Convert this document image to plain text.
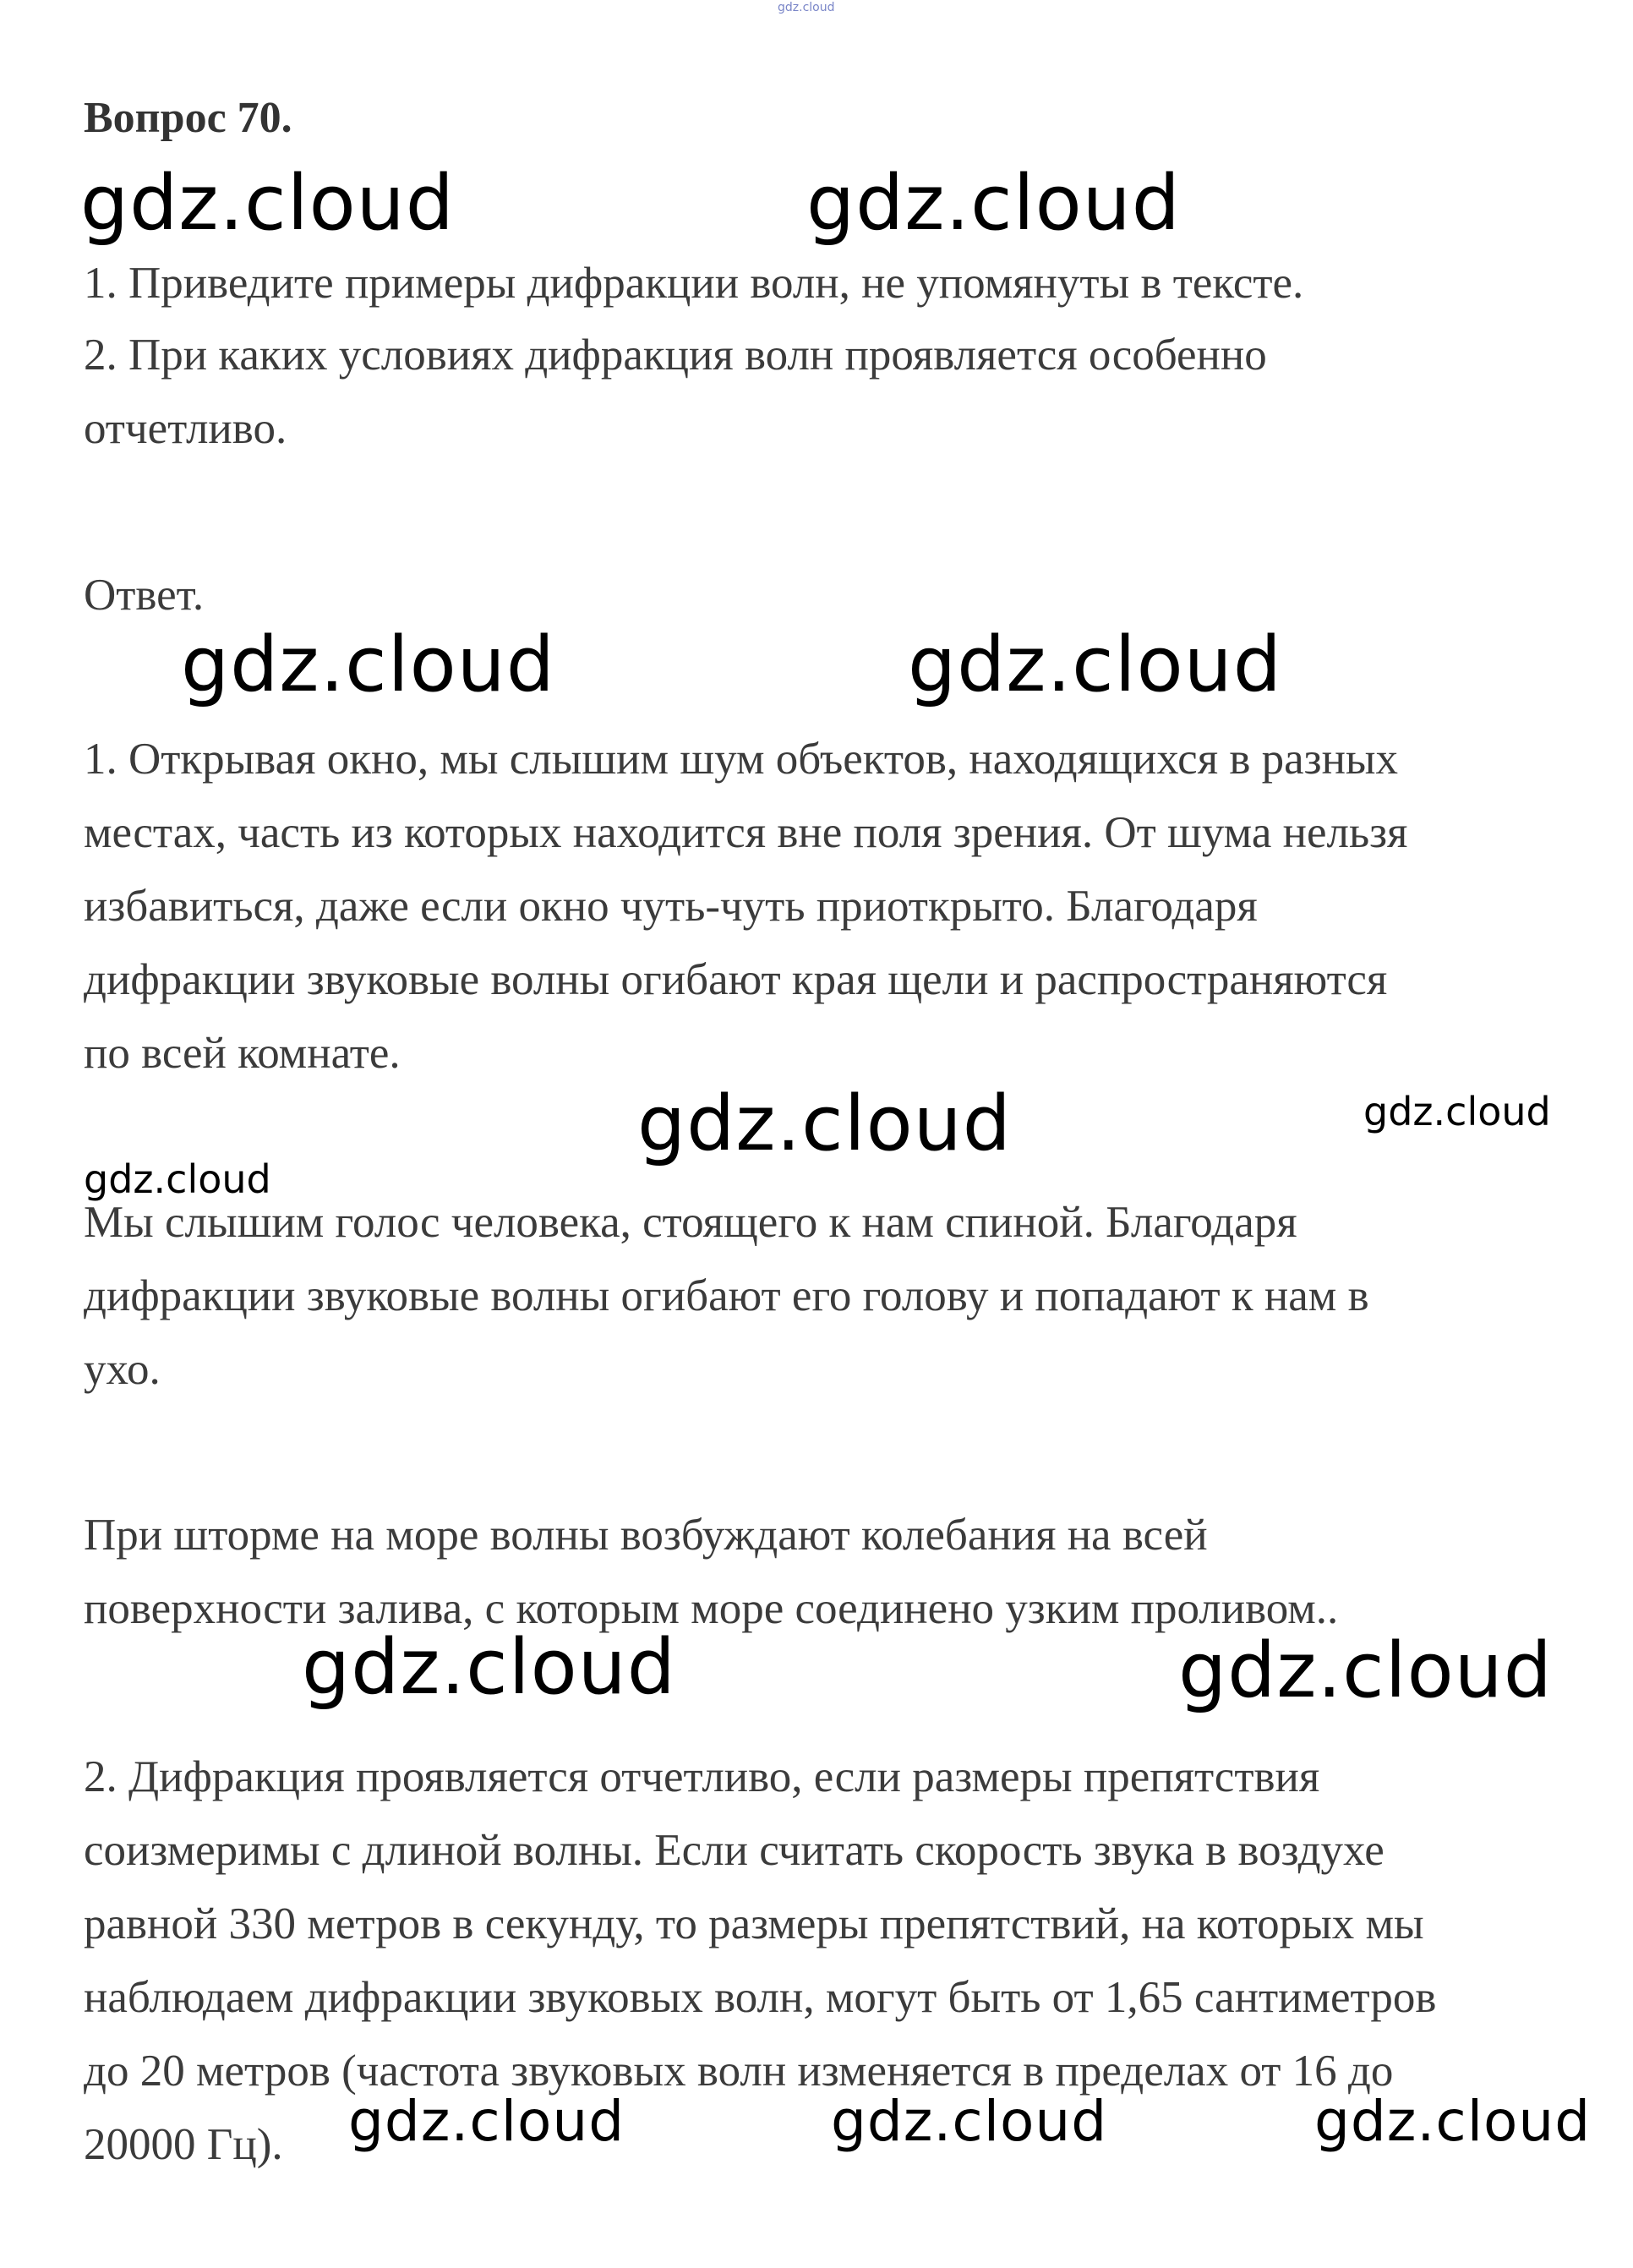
gdz.cloud
Вопрос 70.
gdz.cloud	gdz.cloud

1. Приведите примеры дифракции волн, не упомянуты в тексте.

2. При каких условиях дифракция волн проявляется особенно

отчетливо.

Ответ.

gdz.cloud	gdz.cloud

1. Открывая окно, мы слышим шум объектов, находящихся в разных

местах, часть из которых находится вне поля зрения. От шума нельзя

избавиться, даже если окно чуть-чуть приоткрыто. Благодаря

дифракции звуковые волны огибают края щели и распространяются

по всей комнате.

gdz.cloud	gdz.cloud
gdz.cloud

Мы слышим голос человека, стоящего к нам спиной. Благодаря

дифракции звуковые волны огибают его голову и попадают к нам в

ухо.

При шторме на море волны возбуждают колебания на всей

поверхности залива, с которым море соединено узким проливом..

gdz.cloud	gdz.cloud

2. Дифракция проявляется отчетливо, если размеры препятствия

соизмеримы с длиной волны. Если считать скорость звука в воздухе

равной 330 метров в секунду, то размеры препятствий, на которых мы

наблюдаем дифракции звуковых волн, могут быть от 1,65 сантиметров

до 20 метров (частота звуковых волн изменяется в пределах от 16 до

20000 Гц). gdz.cloud	gdz.cloud	gdz.cloud
